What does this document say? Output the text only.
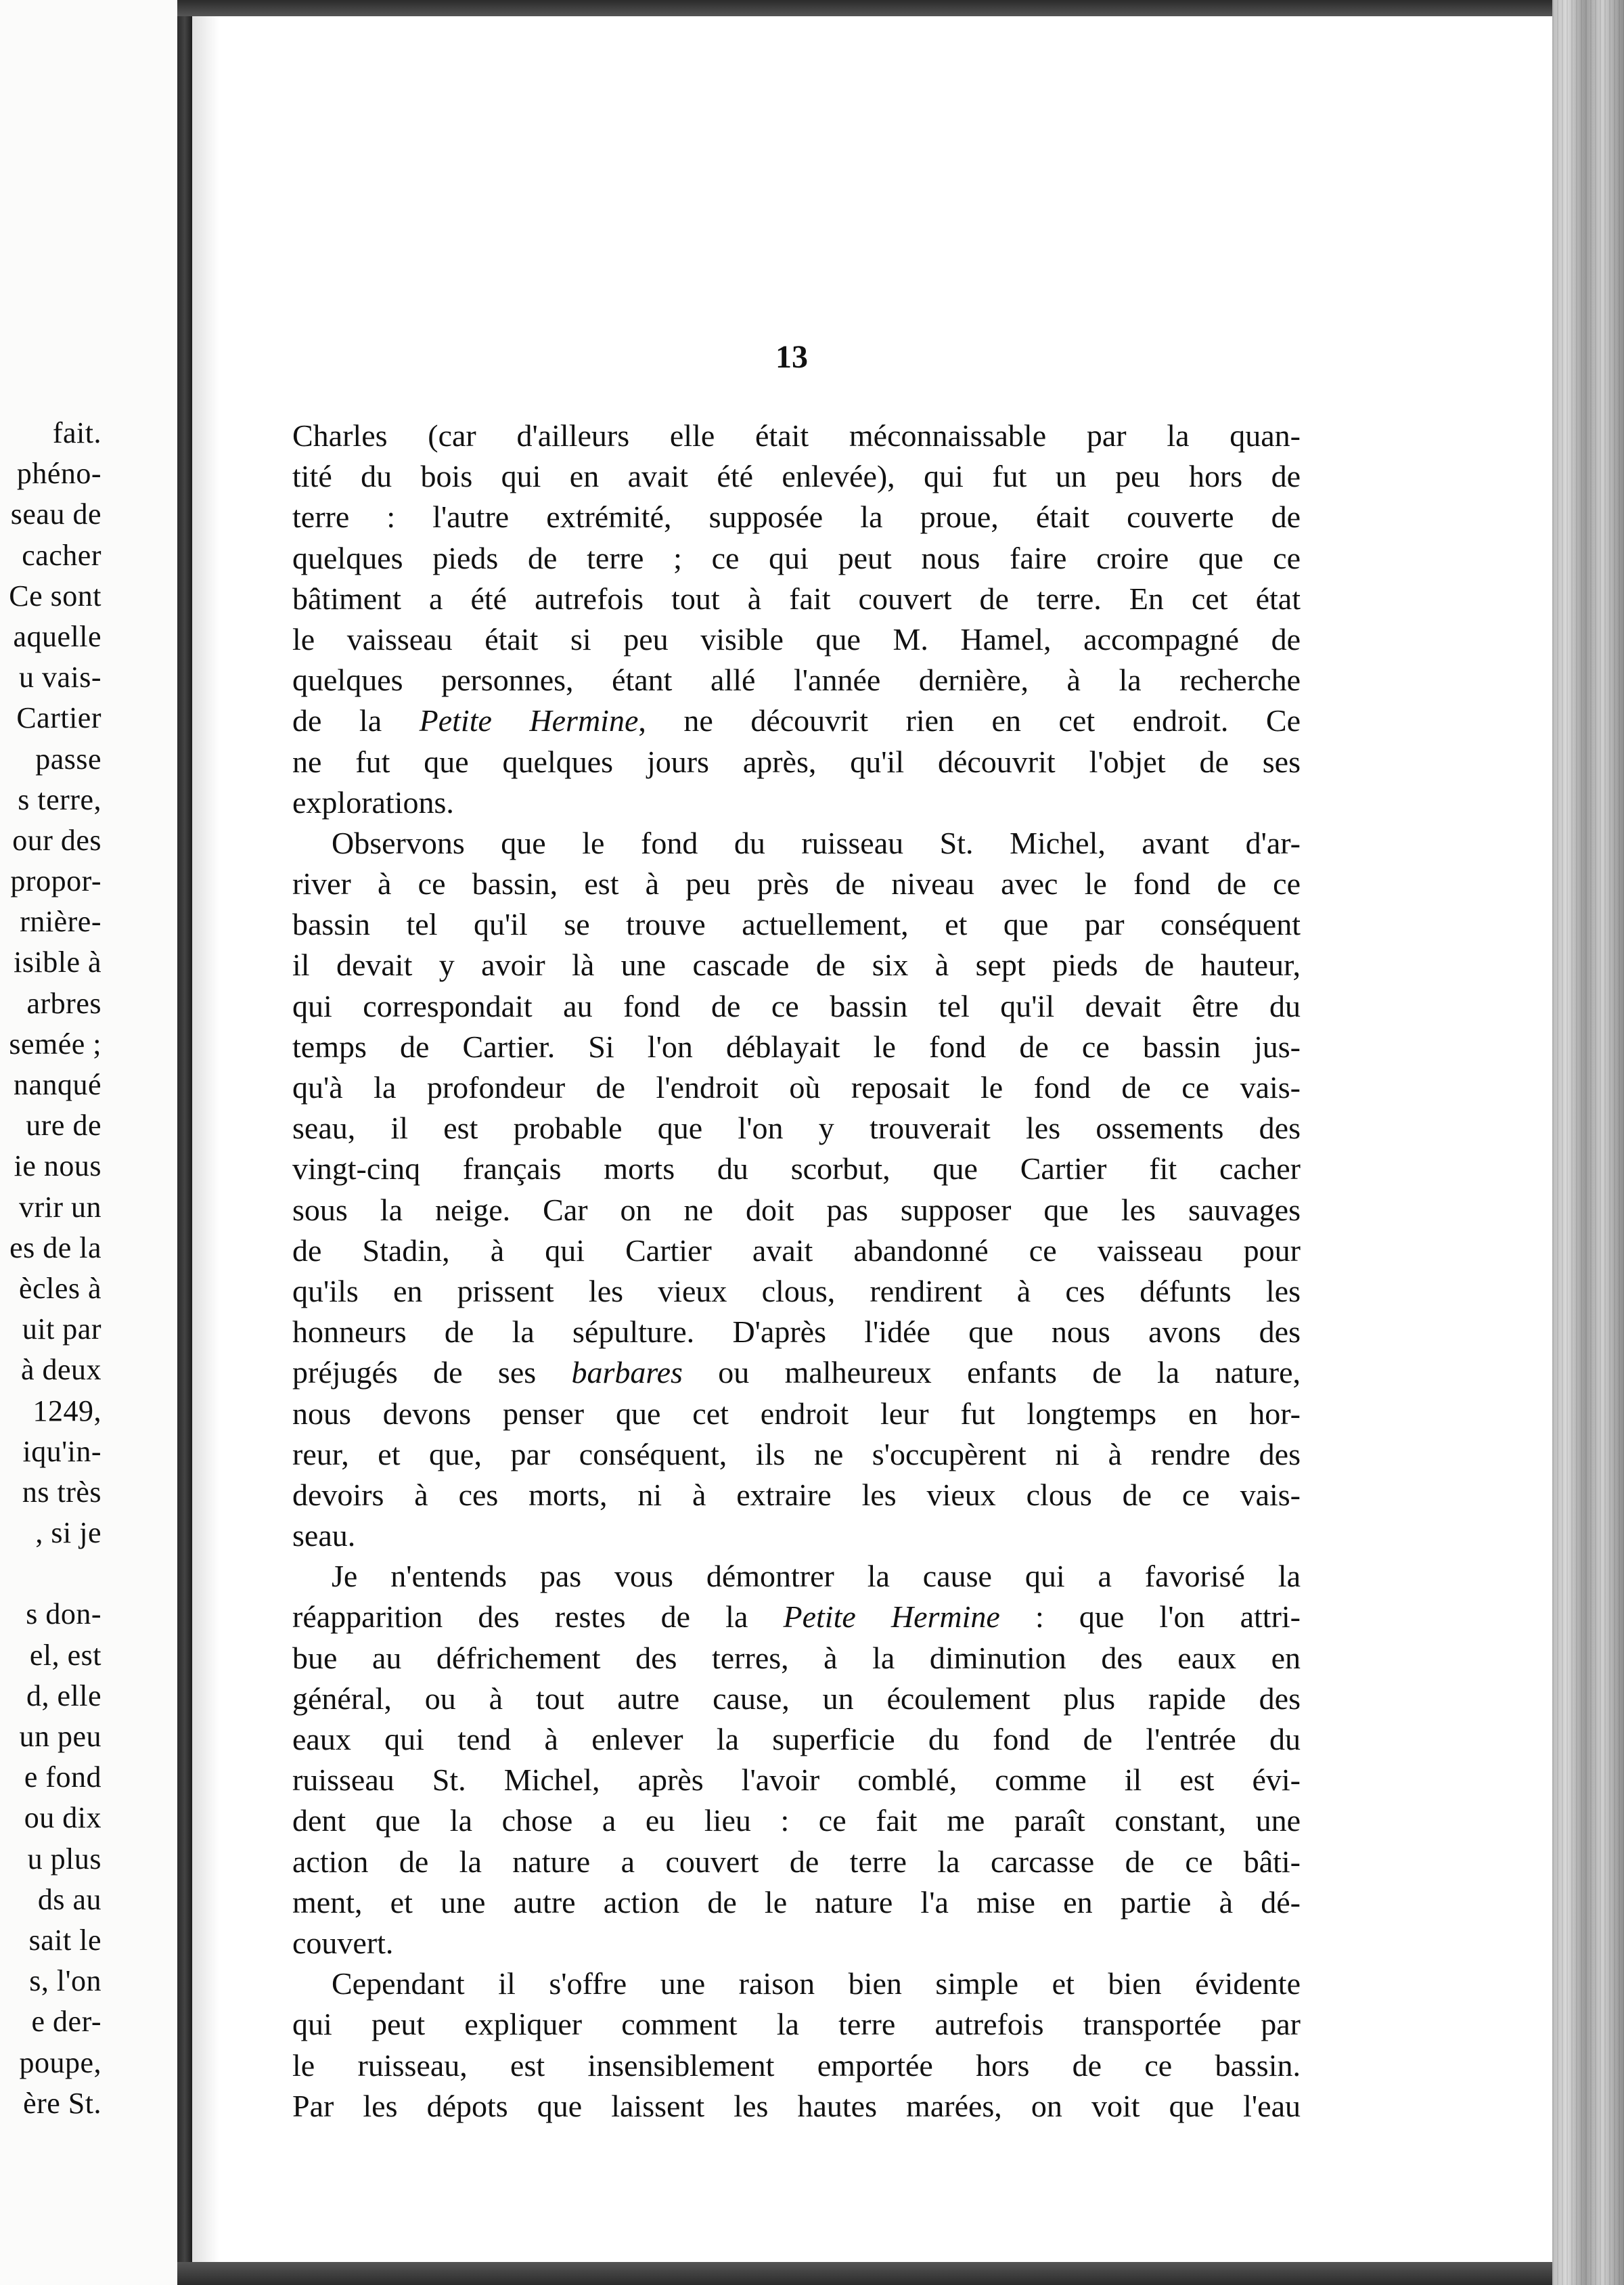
fait.
phéno-
seau de
cacher
Ce sont
aquelle
u vais-
Cartier
passe
s terre,
our des
propor-
rnière-
isible à
arbres
semée ;
nanqué
ure de
ie nous
vrir un
es de la
ècles à
uit par
à deux
1249,
iqu'in-
ns très
, si je
s don-
el, est
d, elle
un peu
e fond
ou dix
u plus
ds au
sait le
s, l'on
e der-
poupe,
ère St.
13
Charles (car d'ailleurs elle était méconnaissable par la quan-
tité du bois qui en avait été enlevée), qui fut un peu hors de
terre : l'autre extrémité, supposée la proue, était couverte de
quelques pieds de terre ; ce qui peut nous faire croire que ce
bâtiment a été autrefois tout à fait couvert de terre. En cet état
le vaisseau était si peu visible que M. Hamel, accompagné de
quelques personnes, étant allé l'année dernière, à la recherche
de la Petite Hermine, ne découvrit rien en cet endroit. Ce
ne fut que quelques jours après, qu'il découvrit l'objet de ses
explorations.
Observons que le fond du ruisseau St. Michel, avant d'ar-
river à ce bassin, est à peu près de niveau avec le fond de ce
bassin tel qu'il se trouve actuellement, et que par conséquent
il devait y avoir là une cascade de six à sept pieds de hauteur,
qui correspondait au fond de ce bassin tel qu'il devait être du
temps de Cartier. Si l'on déblayait le fond de ce bassin jus-
qu'à la profondeur de l'endroit où reposait le fond de ce vais-
seau, il est probable que l'on y trouverait les ossements des
vingt-cinq français morts du scorbut, que Cartier fit cacher
sous la neige. Car on ne doit pas supposer que les sauvages
de Stadin, à qui Cartier avait abandonné ce vaisseau pour
qu'ils en prissent les vieux clous, rendirent à ces défunts les
honneurs de la sépulture. D'après l'idée que nous avons des
préjugés de ses barbares ou malheureux enfants de la nature,
nous devons penser que cet endroit leur fut longtemps en hor-
reur, et que, par conséquent, ils ne s'occupèrent ni à rendre des
devoirs à ces morts, ni à extraire les vieux clous de ce vais-
seau.
Je n'entends pas vous démontrer la cause qui a favorisé la
réapparition des restes de la Petite Hermine : que l'on attri-
bue au défrichement des terres, à la diminution des eaux en
général, ou à tout autre cause, un écoulement plus rapide des
eaux qui tend à enlever la superficie du fond de l'entrée du
ruisseau St. Michel, après l'avoir comblé, comme il est évi-
dent que la chose a eu lieu : ce fait me paraît constant, une
action de la nature a couvert de terre la carcasse de ce bâti-
ment, et une autre action de le nature l'a mise en partie à dé-
couvert.
Cependant il s'offre une raison bien simple et bien évidente
qui peut expliquer comment la terre autrefois transportée par
le ruisseau, est insensiblement emportée hors de ce bassin.
Par les dépots que laissent les hautes marées, on voit que l'eau
